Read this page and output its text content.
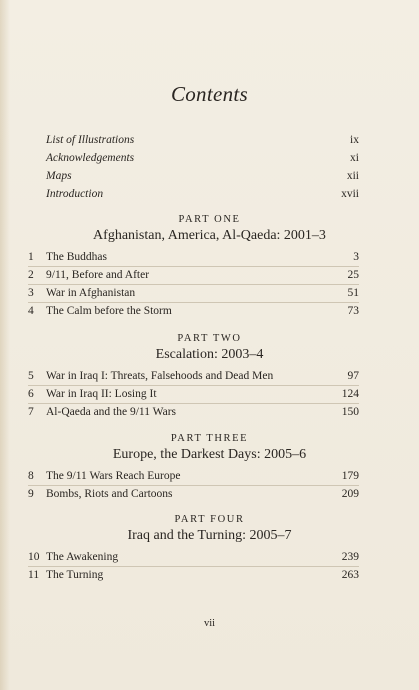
Contents
List of Illustrations	ix
Acknowledgements	xi
Maps	xii
Introduction	xvii
PART ONE
Afghanistan, America, Al-Qaeda: 2001–3
1	The Buddhas	3
2	9/11, Before and After	25
3	War in Afghanistan	51
4	The Calm before the Storm	73
PART TWO
Escalation: 2003–4
5	War in Iraq I: Threats, Falsehoods and Dead Men	97
6	War in Iraq II: Losing It	124
7	Al-Qaeda and the 9/11 Wars	150
PART THREE
Europe, the Darkest Days: 2005–6
8	The 9/11 Wars Reach Europe	179
9	Bombs, Riots and Cartoons	209
PART FOUR
Iraq and the Turning: 2005–7
10 The Awakening	239
11 The Turning	263
vii
